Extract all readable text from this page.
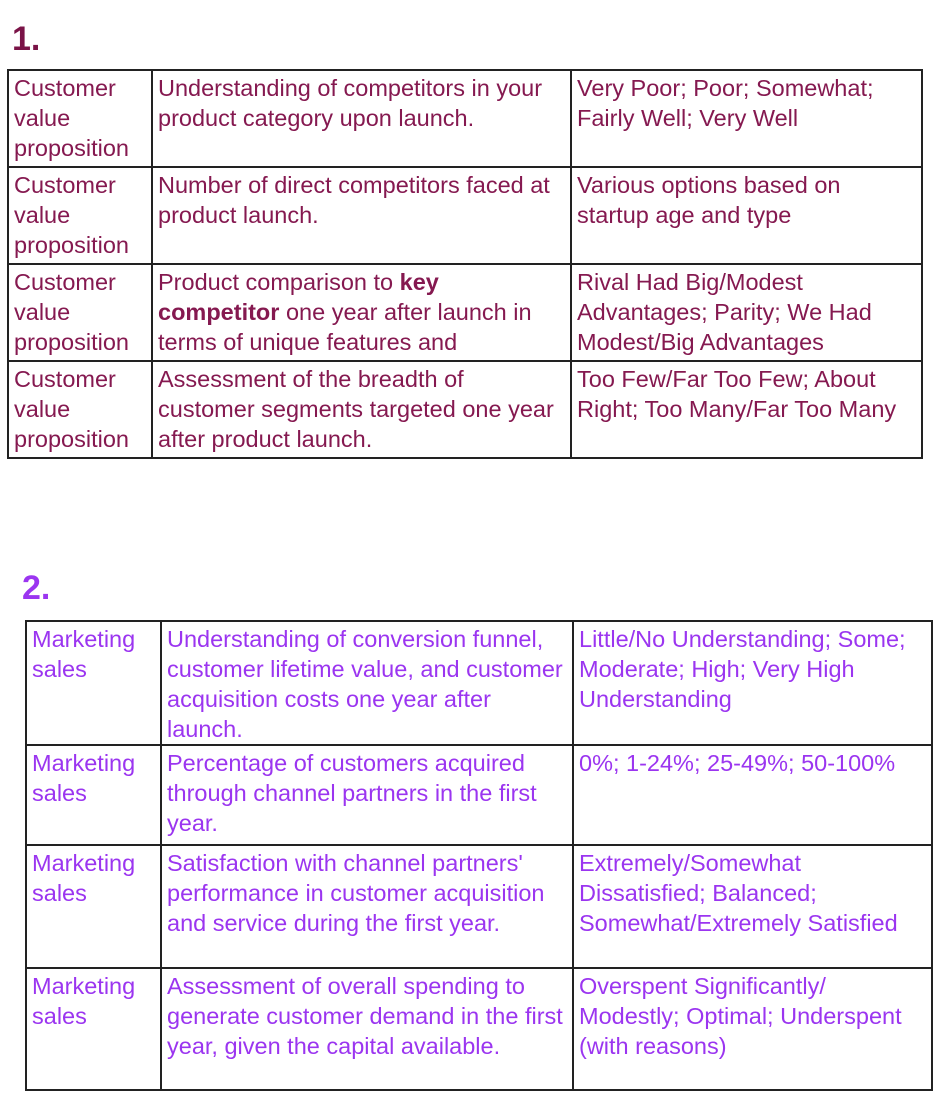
1.
Customer value proposition	Understanding of competitors in your product category upon launch.	Very Poor; Poor; Somewhat; Fairly Well; Very Well
Customer value proposition	Number of direct competitors faced at product launch.	Various options based on startup age and type
Customer value proposition	Product comparison to key competitor one year after launch in terms of unique features and	Rival Had Big/Modest Advantages; Parity; We Had Modest/Big Advantages
Customer value proposition	Assessment of the breadth of customer segments targeted one year after product launch.	Too Few/Far Too Few; About Right; Too Many/Far Too Many
2.
Marketing sales	Understanding of conversion funnel, customer lifetime value, and customer acquisition costs one year after launch.	Little/No Understanding; Some; Moderate; High; Very High Understanding
Marketing sales	Percentage of customers acquired through channel partners in the first year.	0%; 1-24%; 25-49%; 50-100%
Marketing sales	Satisfaction with channel partners' performance in customer acquisition and service during the first year.	Extremely/Somewhat Dissatisfied; Balanced; Somewhat/Extremely Satisfied
Marketing sales	Assessment of overall spending to generate customer demand in the first year, given the capital available.	Overspent Significantly/ Modestly; Optimal; Underspent (with reasons)
